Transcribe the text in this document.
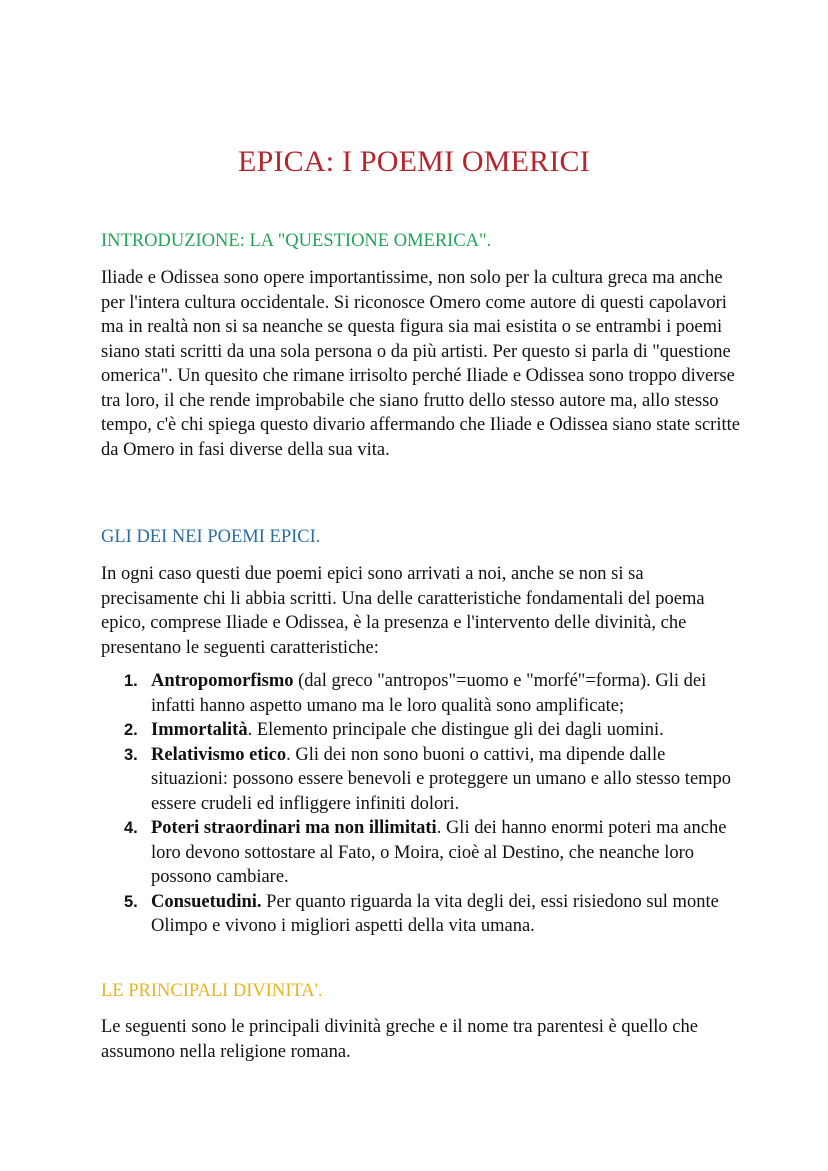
EPICA: I POEMI OMERICI
INTRODUZIONE: LA "QUESTIONE OMERICA".

Iliade e Odissea sono opere importantissime, non solo per la cultura greca ma anche per l'intera cultura occidentale. Si riconosce Omero come autore di questi capolavori ma in realtà non si sa neanche se questa figura sia mai esistita o se entrambi i poemi siano stati scritti da una sola persona o da più artisti. Per questo si parla di "questione omerica". Un quesito che rimane irrisolto perché Iliade e Odissea sono troppo diverse tra loro, il che rende improbabile che siano frutto dello stesso autore ma, allo stesso tempo, c'è chi spiega questo divario affermando che Iliade e Odissea siano state scritte da Omero in fasi diverse della sua vita.

GLI DEI NEI POEMI EPICI.

In ogni caso questi due poemi epici sono arrivati a noi, anche se non si sa precisamente chi li abbia scritti. Una delle caratteristiche fondamentali del poema epico, comprese Iliade e Odissea, è la presenza e l'intervento delle divinità, che presentano le seguenti caratteristiche:

1. Antropomorfismo (dal greco "antropos"=uomo e "morfé"=forma). Gli dei infatti hanno aspetto umano ma le loro qualità sono amplificate;
2. Immortalità. Elemento principale che distingue gli dei dagli uomini.
3. Relativismo etico. Gli dei non sono buoni o cattivi, ma dipende dalle situazioni: possono essere benevoli e proteggere un umano e allo stesso tempo essere crudeli ed infliggere infiniti dolori.
4. Poteri straordinari ma non illimitati. Gli dei hanno enormi poteri ma anche loro devono sottostare al Fato, o Moira, cioè al Destino, che neanche loro possono cambiare.
5. Consuetudini. Per quanto riguarda la vita degli dei, essi risiedono sul monte Olimpo e vivono i migliori aspetti della vita umana.
LE PRINCIPALI DIVINITA'.

Le seguenti sono le principali divinità greche e il nome tra parentesi è quello che assumono nella religione romana.
